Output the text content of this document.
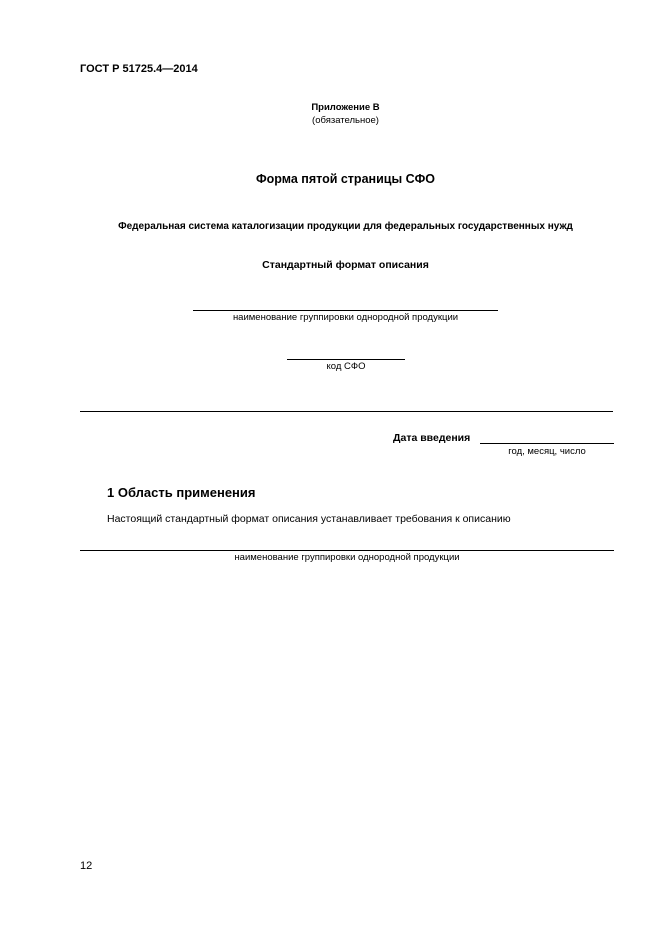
ГОСТ Р 51725.4—2014
Приложение В
(обязательное)
Форма пятой страницы СФО
Федеральная система каталогизации продукции для федеральных государственных нужд
Стандартный формат описания
наименование группировки однородной продукции
код СФО
Дата введения
год, месяц, число
1 Область применения
Настоящий стандартный формат описания устанавливает требования к описанию
наименование группировки однородной продукции
12
